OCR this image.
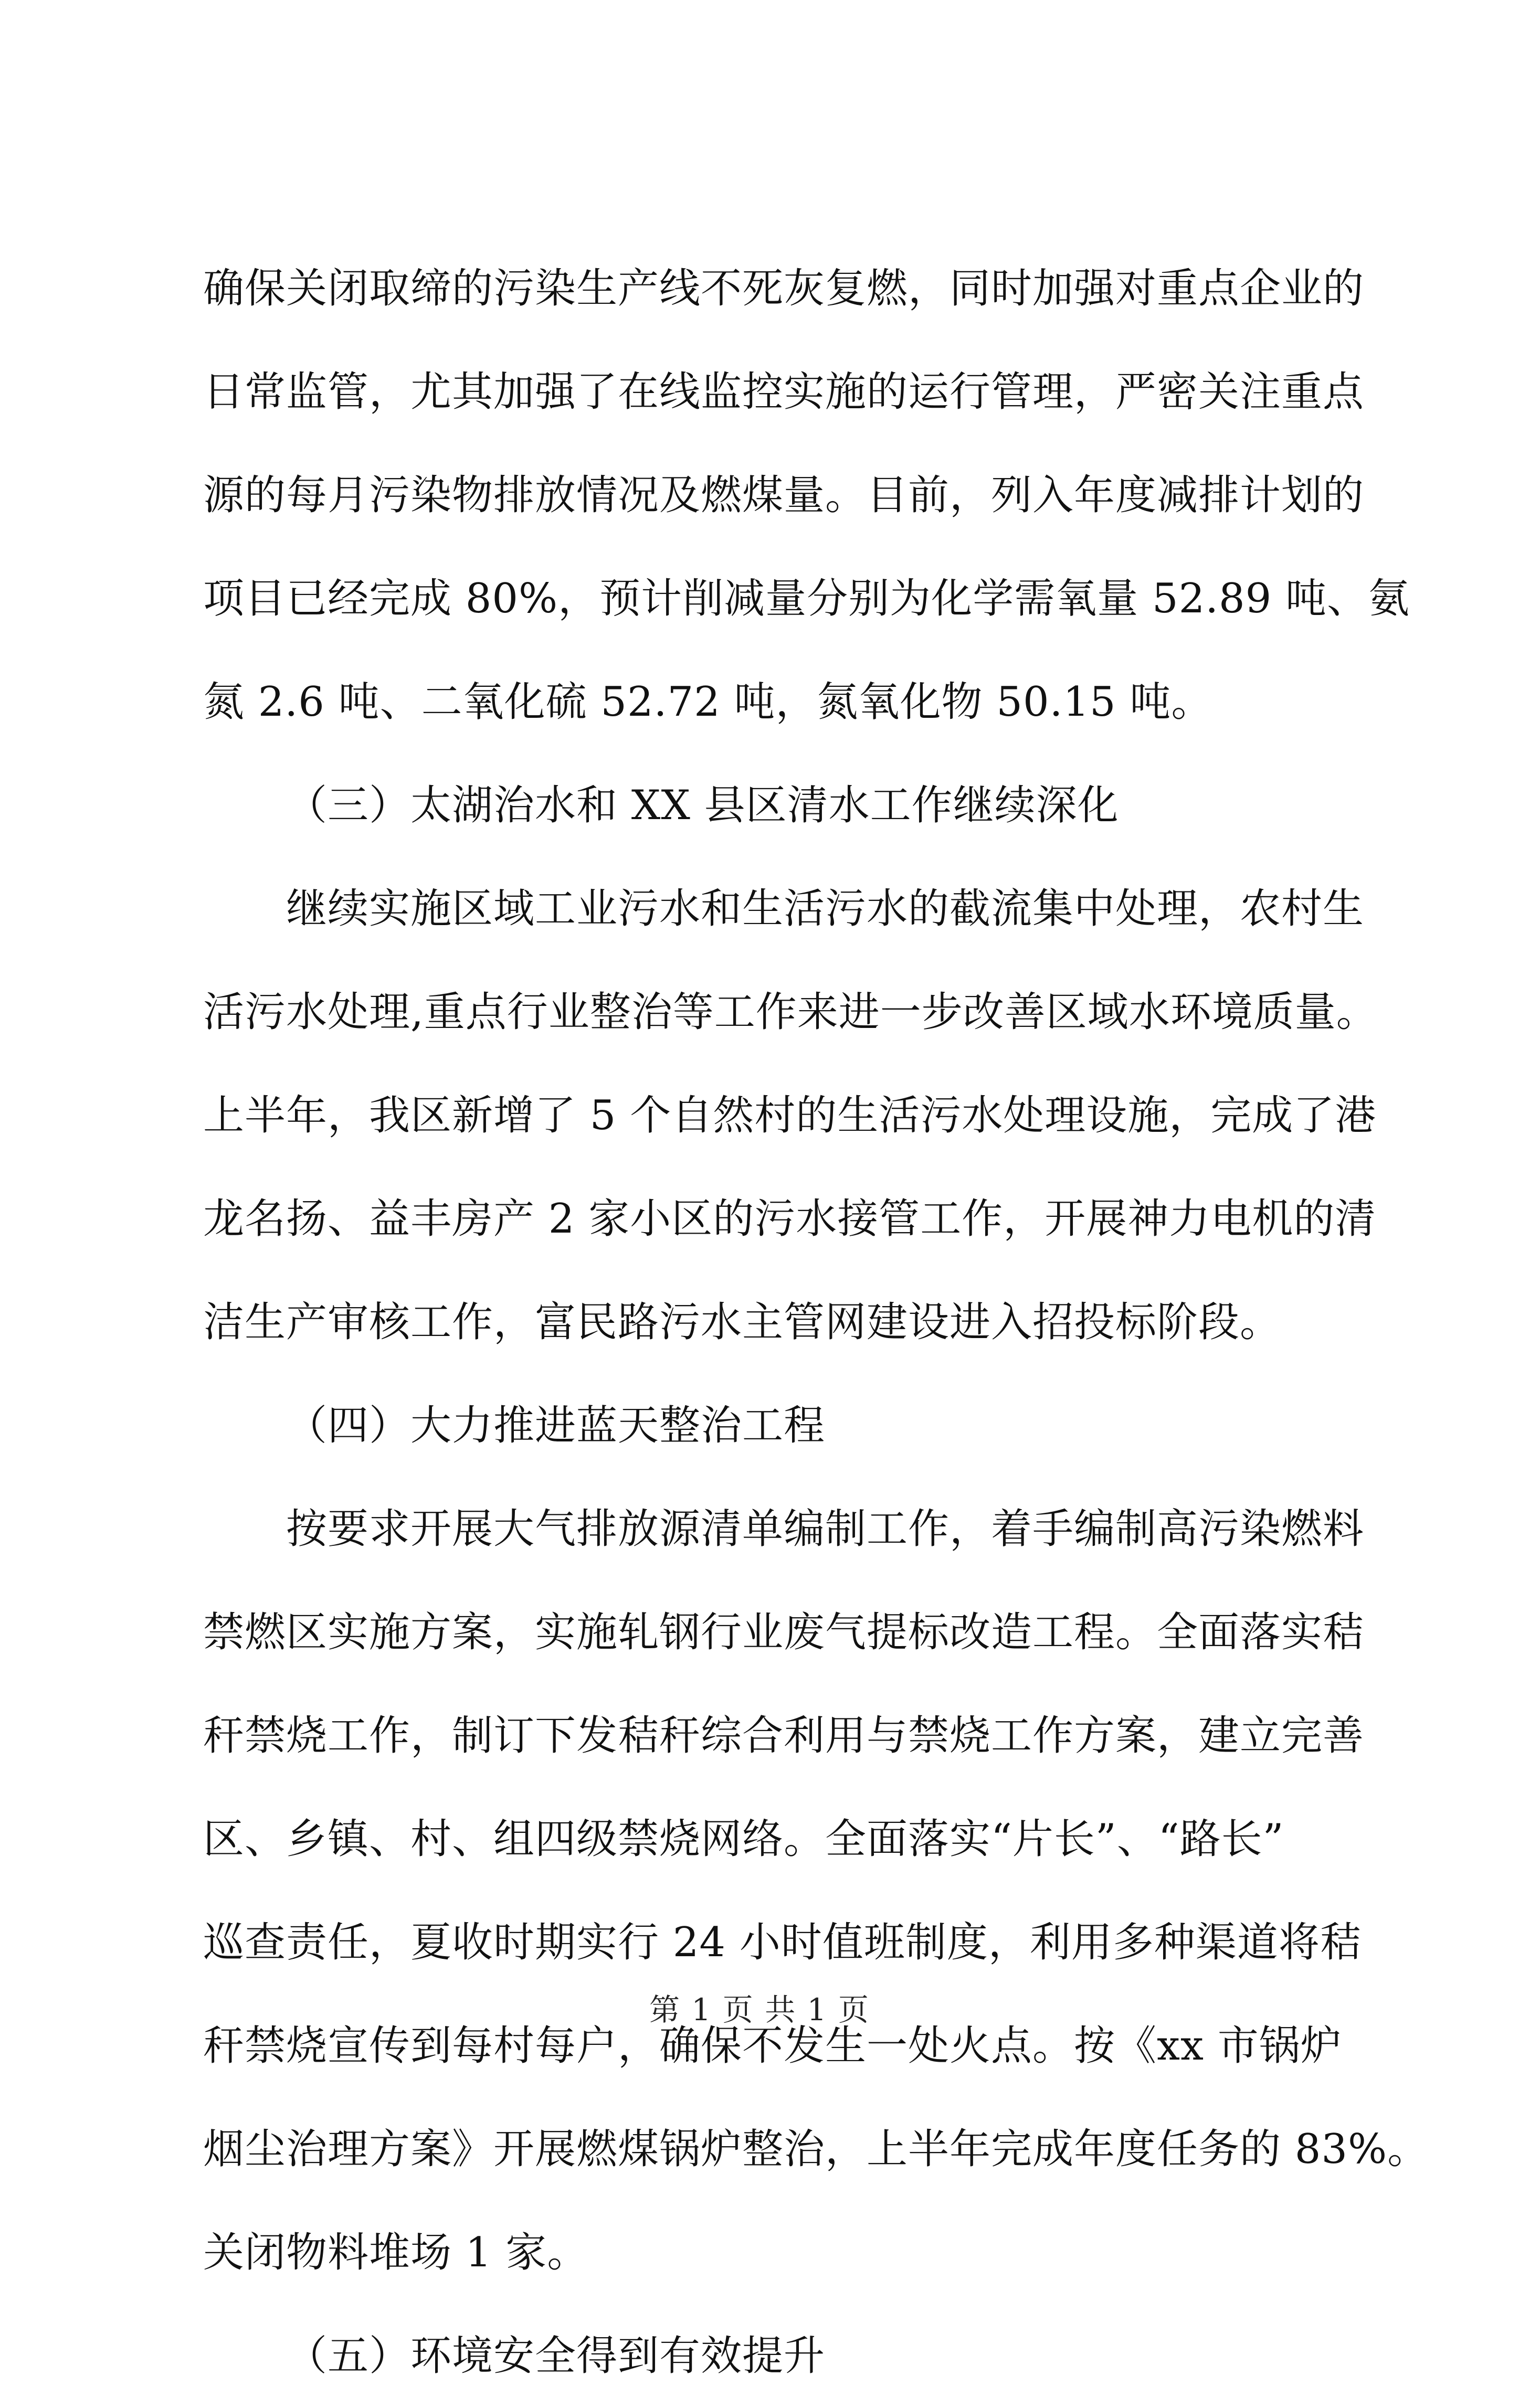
确保关闭取缔的污染生产线不死灰复燃，同时加强对重点企业的
日常监管，尤其加强了在线监控实施的运行管理，严密关注重点
源的每月污染物排放情况及燃煤量。目前，列入年度减排计划的
项目已经完成 80%，预计削减量分别为化学需氧量 52.89 吨、氨
氮 2.6 吨、二氧化硫 52.72 吨，氮氧化物 50.15 吨。
（三）太湖治水和 XX 县区清水工作继续深化
继续实施区域工业污水和生活污水的截流集中处理，农村生
活污水处理,重点行业整治等工作来进一步改善区域水环境质量。
上半年，我区新增了 5 个自然村的生活污水处理设施，完成了港
龙名扬、益丰房产 2 家小区的污水接管工作，开展神力电机的清
洁生产审核工作，富民路污水主管网建设进入招投标阶段。
（四）大力推进蓝天整治工程
按要求开展大气排放源清单编制工作，着手编制高污染燃料
禁燃区实施方案，实施轧钢行业废气提标改造工程。全面落实秸
秆禁烧工作，制订下发秸秆综合利用与禁烧工作方案，建立完善
区、乡镇、村、组四级禁烧网络。全面落实“片长”、“路长”
巡查责任，夏收时期实行 24 小时值班制度，利用多种渠道将秸
秆禁烧宣传到每村每户，确保不发生一处火点。按《xx 市锅炉
烟尘治理方案》开展燃煤锅炉整治，上半年完成年度任务的 83%。
关闭物料堆场 1 家。
（五）环境安全得到有效提升
第 1 页 共 1 页
